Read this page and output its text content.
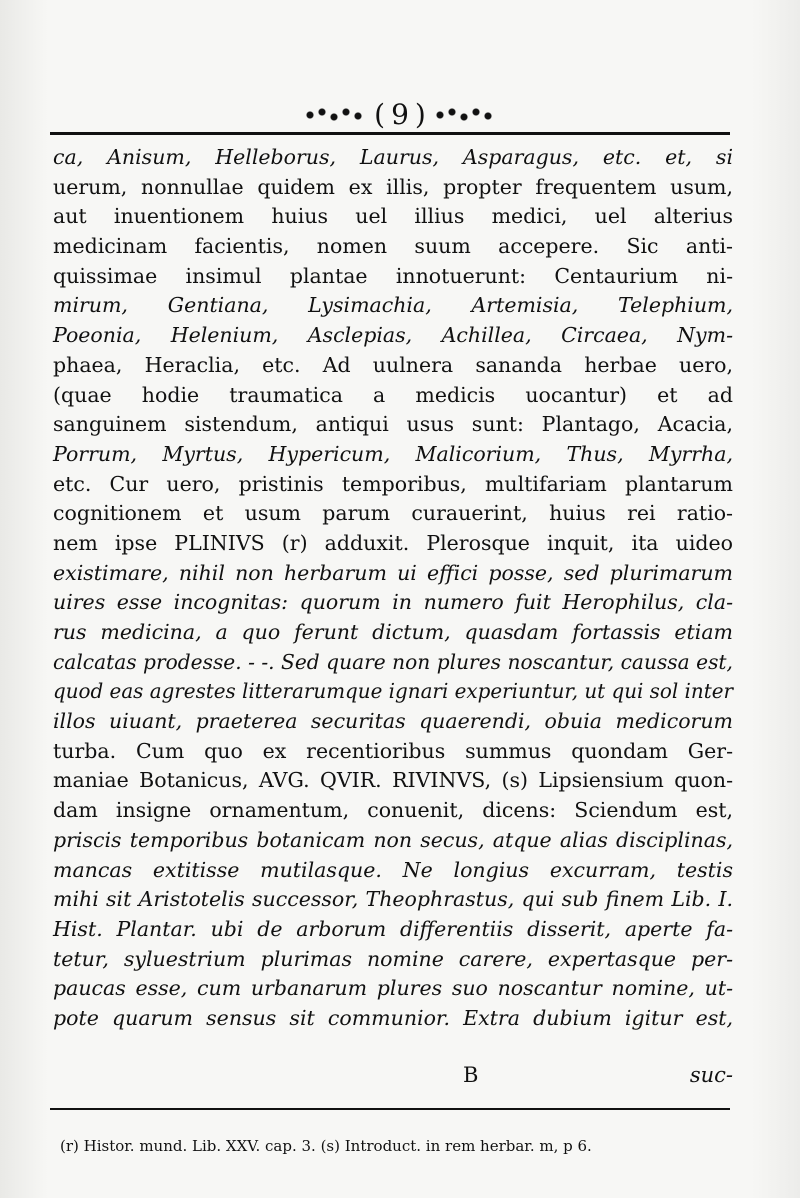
( 9 )
ca, Anisum, Helleborus, Laurus, Asparagus, etc. et, si
uerum, nonnullae quidem ex illis, propter frequentem usum,
aut inuentionem huius uel illius medici, uel alterius
medicinam facientis, nomen suum accepere. Sic anti-
quissimae insimul plantae innotuerunt: Centaurium ni-
mirum, Gentiana, Lysimachia, Artemisia, Telephium,
Poeonia, Helenium, Asclepias, Achillea, Circaea, Nym-
phaea, Heraclia, etc. Ad uulnera sananda herbae uero,
(quae hodie traumatica a medicis uocantur) et ad
sanguinem sistendum, antiqui usus sunt: Plantago, Acacia,
Porrum, Myrtus, Hypericum, Malicorium, Thus, Myrrha,
etc. Cur uero, pristinis temporibus, multifariam plantarum
cognitionem et usum parum curauerint, huius rei ratio-
nem ipse PLINIVS (r) adduxit. Plerosque inquit, ita uideo
existimare, nihil non herbarum ui effici posse, sed plurimarum
uires esse incognitas: quorum in numero fuit Herophilus, cla-
rus medicina, a quo ferunt dictum, quasdam fortassis etiam
calcatas prodesse. - -. Sed quare non plures noscantur, caussa est,
quod eas agrestes litterarumque ignari experiuntur, ut qui sol inter
illos uiuant, praeterea securitas quaerendi, obuia medicorum
turba. Cum quo ex recentioribus summus quondam Ger-
maniae Botanicus, AVG. QVIR. RIVINVS, (s) Lipsiensium quon-
dam insigne ornamentum, conuenit, dicens: Sciendum est,
priscis temporibus botanicam non secus, atque alias disciplinas,
mancas extitisse mutilasque. Ne longius excurram, testis
mihi sit Aristotelis successor, Theophrastus, qui sub finem Lib. I.
Hist. Plantar. ubi de arborum differentiis disserit, aperte fa-
tetur, syluestrium plurimas nomine carere, expertasque per-
paucas esse, cum urbanarum plures suo noscantur nomine, ut-
pote quarum sensus sit communior. Extra dubium igitur est,
B	suc-
(r) Histor. mund. Lib. XXV. cap. 3. (s) Introduct. in rem herbar. m, p 6.
